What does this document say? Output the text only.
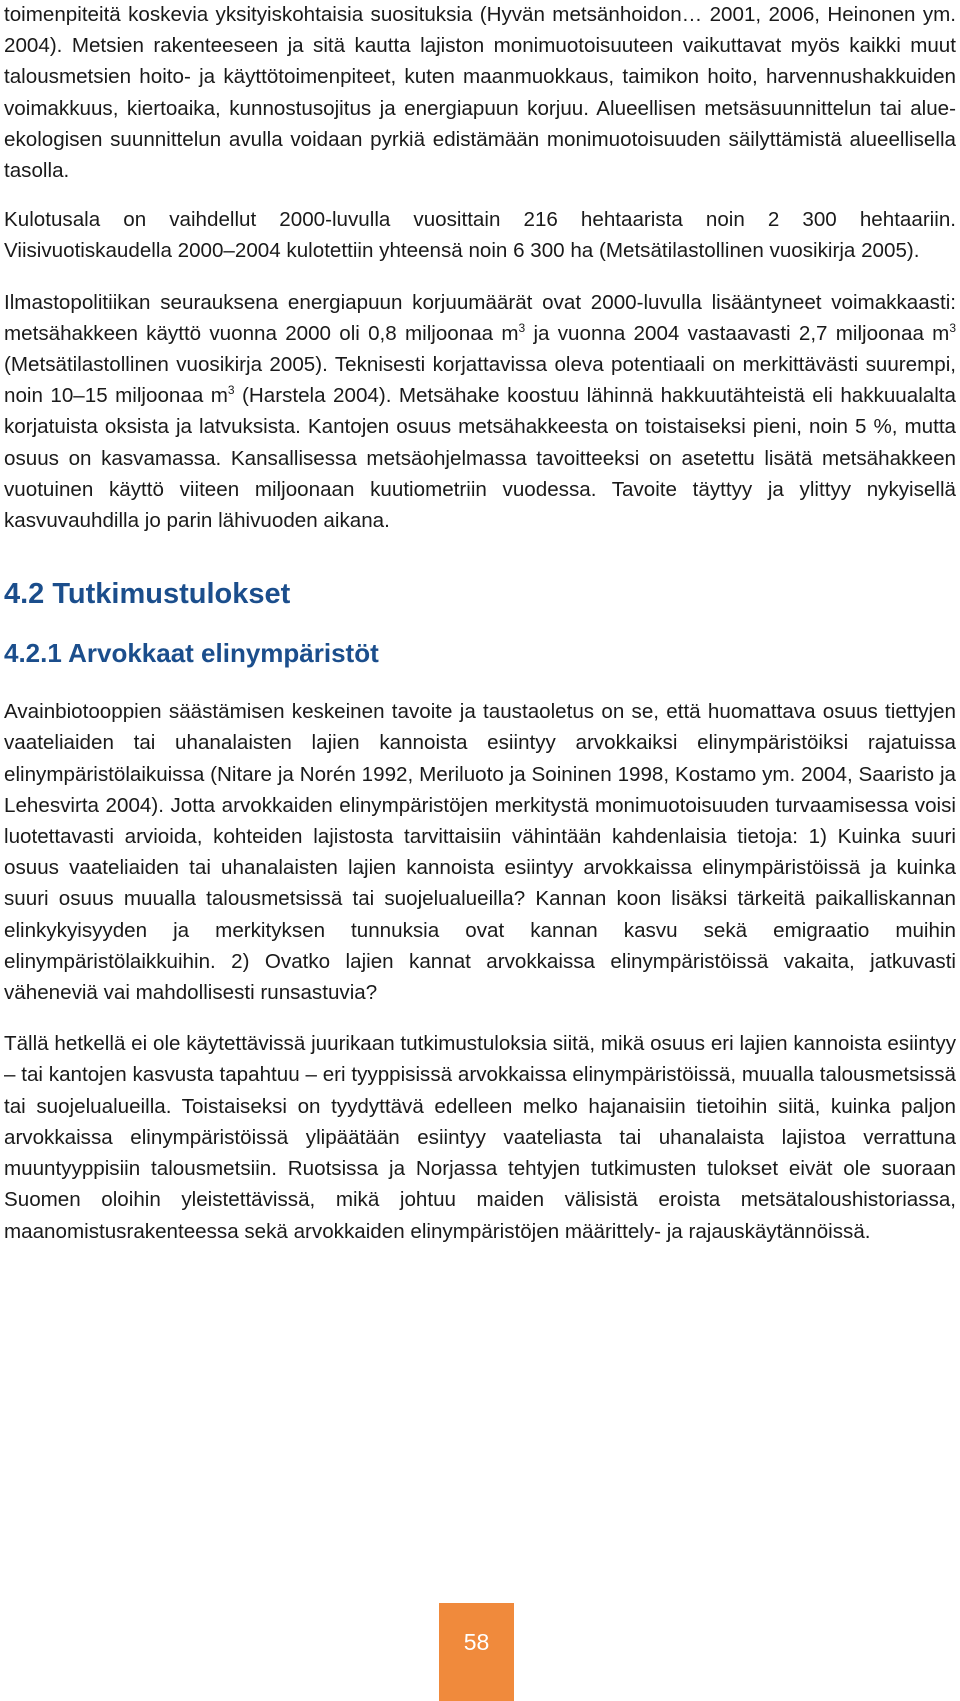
toimenpiteitä koskevia yksityiskohtaisia suosituksia (Hyvän metsänhoidon… 2001, 2006, Heinonen ym. 2004). Metsien rakenteeseen ja sitä kautta lajiston monimuotoisuuteen vaikuttavat myös kaikki muut talousmetsien hoito- ja käyttötoimenpiteet, kuten maanmuokkaus, taimikon hoito, harvennushakkuiden voimakkuus, kiertoaika, kunnostusojitus ja energiapuun korjuu. Alueellisen metsäsuunnittelun tai alue-ekologisen suunnittelun avulla voidaan pyrkiä edistämään monimuotoisuuden säilyttämistä alueellisella tasolla.

Kulotusala on vaihdellut 2000-luvulla vuosittain 216 hehtaarista noin 2 300 hehtaariin. Viisivuotiskaudella 2000–2004 kulotettiin yhteensä noin 6 300 ha (Metsätilastollinen vuosikirja 2005).

Ilmastopolitiikan seurauksena energiapuun korjuumäärät ovat 2000-luvulla lisääntyneet voimakkaasti: metsähakkeen käyttö vuonna 2000 oli 0,8 miljoonaa $m^3$ ja vuonna 2004 vastaavasti 2,7 miljoonaa $m^3$ (Metsätilastollinen vuosikirja 2005). Teknisesti korjattavissa oleva potentiaali on merkittävästi suurempi, noin 10–15 miljoonaa $m^3$ (Harstela 2004). Metsähake koostuu lähinnä hakkuutähteistä eli hakkuualalta korjatuista oksista ja latvuksista. Kantojen osuus metsähakkeesta on toistaiseksi pieni, noin 5 %, mutta osuus on kasvamassa. Kansallisessa metsäohjelmassa tavoitteeksi on asetettu lisätä metsähakkeen vuotuinen käyttö viiteen miljoonaan kuutiometriin vuodessa. Tavoite täyttyy ja ylittyy nykyisellä kasvuvauhdilla jo parin lähivuoden aikana.

4.2 Tutkimustulokset
4.2.1 Arvokkaat elinympäristöt

Avainbiotooppien säästämisen keskeinen tavoite ja taustaoletus on se, että huomattava osuus tiettyjen vaateliaiden tai uhanalaisten lajien kannoista esiintyy arvokkaiksi elinympäristöiksi rajatuissa elinympäristölaikuissa (Nitare ja Norén 1992, Meriluoto ja Soininen 1998, Kostamo ym. 2004, Saaristo ja Lehesvirta 2004). Jotta arvokkaiden elinympäristöjen merkitystä monimuotoisuuden turvaamisessa voisi luotettavasti arvioida, kohteiden lajistosta tarvittaisiin vähintään kahdenlaisia tietoja: 1) Kuinka suuri osuus vaateliaiden tai uhanalaisten lajien kannoista esiintyy arvokkaissa elinympäristöissä ja kuinka suuri osuus muualla talousmetsissä tai suojelualueilla? Kannan koon lisäksi tärkeitä paikalliskannan elinkykyisyyden ja merkityksen tunnuksia ovat kannan kasvu sekä emigraatio muihin elinympäristölaikkuihin. 2) Ovatko lajien kannat arvokkaissa elinympäristöissä vakaita, jatkuvasti väheneviä vai mahdollisesti runsastuvia?

Tällä hetkellä ei ole käytettävissä juurikaan tutkimustuloksia siitä, mikä osuus eri lajien kannoista esiintyy – tai kantojen kasvusta tapahtuu – eri tyyppisissä arvokkaissa elinympäristöissä, muualla talousmetsissä tai suojelualueilla. Toistaiseksi on tyydyttävä edelleen melko hajanaisiin tietoihin siitä, kuinka paljon arvokkaissa elinympäristöissä ylipäätään esiintyy vaateliasta tai uhanalaista lajistoa verrattuna muuntyyppisiin talousmetsiin. Ruotsissa ja Norjassa tehtyjen tutkimusten tulokset eivät ole suoraan Suomen oloihin yleistettävissä, mikä johtuu maiden välisistä eroista metsätaloushistoriassa, maanomistusrakenteessa sekä arvokkaiden elinympäristöjen määrittely- ja rajauskäytännöissä.

58
